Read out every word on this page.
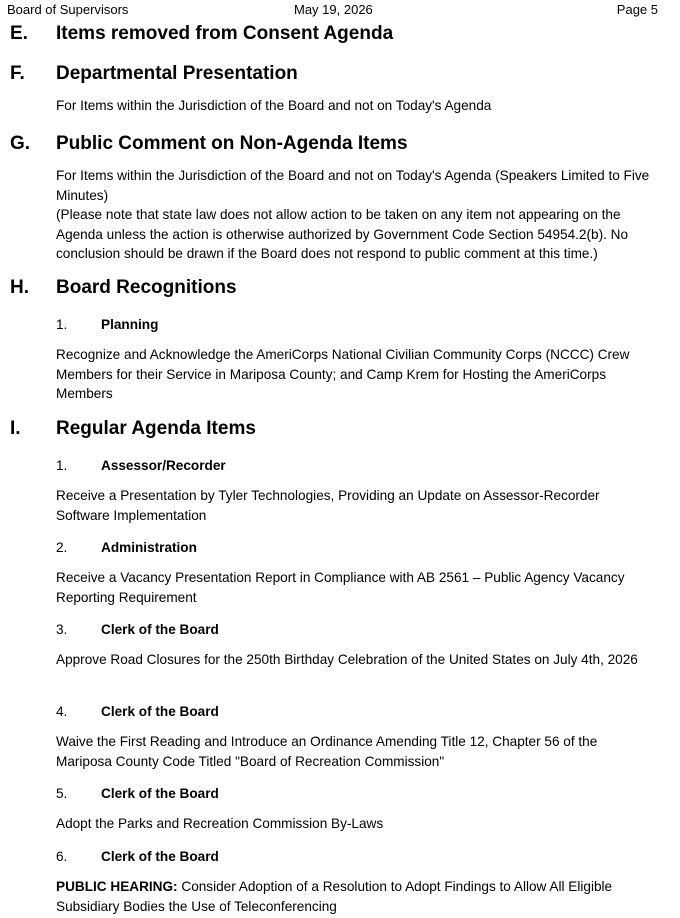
Board of Supervisors	May 19, 2026	Page 5
E. Items removed from Consent Agenda
F. Departmental Presentation
For Items within the Jurisdiction of the Board and not on Today's Agenda
G. Public Comment on Non-Agenda Items
For Items within the Jurisdiction of the Board and not on Today's Agenda (Speakers Limited to Five Minutes)
(Please note that state law does not allow action to be taken on any item not appearing on the Agenda unless the action is otherwise authorized by Government Code Section 54954.2(b). No conclusion should be drawn if the Board does not respond to public comment at this time.)
H. Board Recognitions
1. Planning
Recognize and Acknowledge the AmeriCorps National Civilian Community Corps (NCCC) Crew Members for their Service in Mariposa County; and Camp Krem for Hosting the AmeriCorps Members
I. Regular Agenda Items
1. Assessor/Recorder
Receive a Presentation by Tyler Technologies, Providing an Update on Assessor-Recorder Software Implementation
2. Administration
Receive a Vacancy Presentation Report in Compliance with AB 2561 – Public Agency Vacancy Reporting Requirement
3. Clerk of the Board
Approve Road Closures for the 250th Birthday Celebration of the United States on July 4th, 2026
4. Clerk of the Board
Waive the First Reading and Introduce an Ordinance Amending Title 12, Chapter 56 of the Mariposa County Code Titled "Board of Recreation Commission"
5. Clerk of the Board
Adopt the Parks and Recreation Commission By-Laws
6. Clerk of the Board
PUBLIC HEARING: Consider Adoption of a Resolution to Adopt Findings to Allow All Eligible Subsidiary Bodies the Use of Teleconferencing
